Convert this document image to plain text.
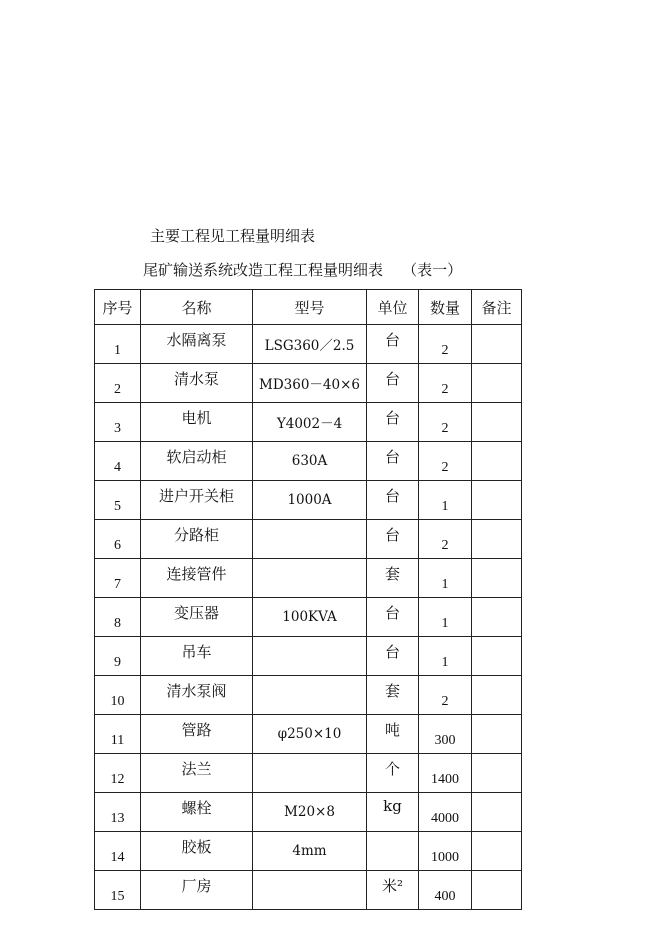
主要工程见工程量明细表
尾矿输送系统改造工程工程量明细表 （表一）
序号	名称	型号	单位	数量	备注
1	水隔离泵	LSG360／2.5	台	2	
2	清水泵	MD360－40×6	台	2	
3	电机	Y4002－4	台	2	
4	软启动柜	630A	台	2	
5	进户开关柜	1000A	台	1	
6	分路柜		台	2	
7	连接管件		套	1	
8	变压器	100KVA	台	1	
9	吊车		台	1	
10	清水泵阀		套	2	
11	管路	φ250×10	吨	300	
12	法兰		个	1400	
13	螺栓	M20×8	kg	4000	
14	胶板	4mm		1000	
15	厂房		米²	400	
